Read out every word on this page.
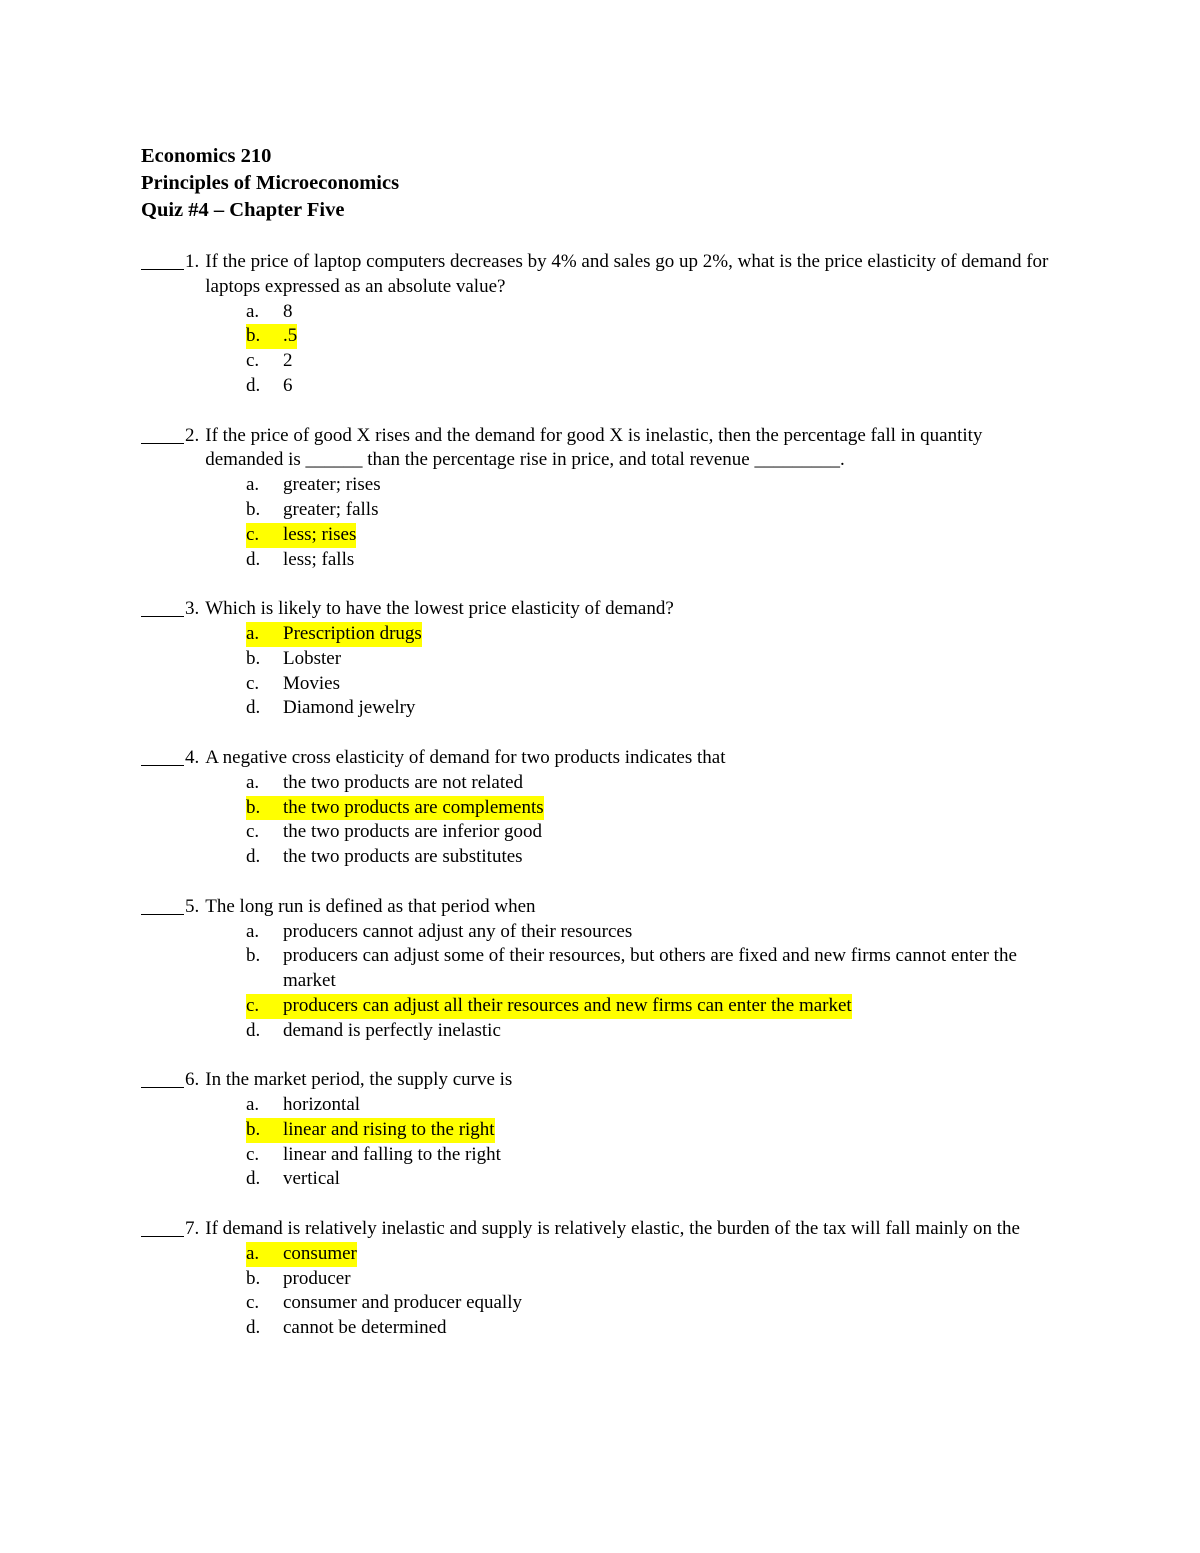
Economics 210
Principles of Microeconomics
Quiz #4 – Chapter Five
1. If the price of laptop computers decreases by 4% and sales go up 2%, what is the price elasticity of demand for laptops expressed as an absolute value?
a.	8
b.	.5
c.	2
d.	6
2. If the price of good X rises and the demand for good X is inelastic, then the percentage fall in quantity demanded is ______ than the percentage rise in price, and total revenue _________.
a.	greater; rises
b.	greater; falls
c.	less; rises
d.	less; falls
3. Which is likely to have the lowest price elasticity of demand?
a.	Prescription drugs
b.	Lobster
c.	Movies
d.	Diamond jewelry
4. A negative cross elasticity of demand for two products indicates that
a.	the two products are not related
b.	the two products are complements
c.	the two products are inferior good
d.	the two products are substitutes
5. The long run is defined as that period when
a.	producers cannot adjust any of their resources
b.	producers can adjust some of their resources, but others are fixed and new firms cannot enter the market
c.	producers can adjust all their resources and new firms can enter the market
d.	demand is perfectly inelastic
6. In the market period, the supply curve is
a.	horizontal
b.	linear and rising to the right
c.	linear and falling to the right
d.	vertical
7. If demand is relatively inelastic and supply is relatively elastic, the burden of the tax will fall mainly on the
a.	consumer
b.	producer
c.	consumer and producer equally
d.	cannot be determined
